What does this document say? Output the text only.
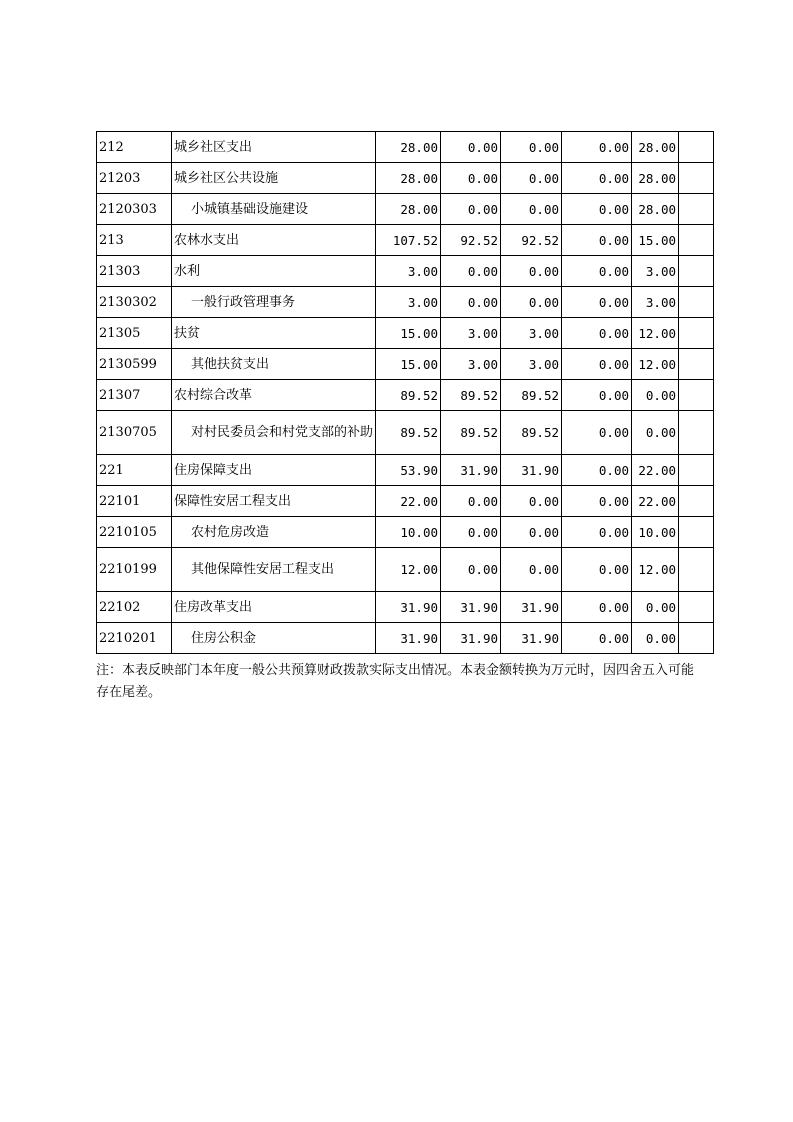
212	城乡社区支出	28.00	0.00	0.00	0.00	28.00	
21203	城乡社区公共设施	28.00	0.00	0.00	0.00	28.00	
2120303	小城镇基础设施建设	28.00	0.00	0.00	0.00	28.00	
213	农林水支出	107.52	92.52	92.52	0.00	15.00	
21303	水利	3.00	0.00	0.00	0.00	3.00	
2130302	一般行政管理事务	3.00	0.00	0.00	0.00	3.00	
21305	扶贫	15.00	3.00	3.00	0.00	12.00	
2130599	其他扶贫支出	15.00	3.00	3.00	0.00	12.00	
21307	农村综合改革	89.52	89.52	89.52	0.00	0.00	
2130705	对村民委员会和村党支部的补助	89.52	89.52	89.52	0.00	0.00	
221	住房保障支出	53.90	31.90	31.90	0.00	22.00	
22101	保障性安居工程支出	22.00	0.00	0.00	0.00	22.00	
2210105	农村危房改造	10.00	0.00	0.00	0.00	10.00	
2210199	其他保障性安居工程支出	12.00	0.00	0.00	0.00	12.00	
22102	住房改革支出	31.90	31.90	31.90	0.00	0.00	
2210201	住房公积金	31.90	31.90	31.90	0.00	0.00	
注：本表反映部门本年度一般公共预算财政拨款实际支出情况。本表金额转换为万元时，因四舍五入可能存在尾差。
